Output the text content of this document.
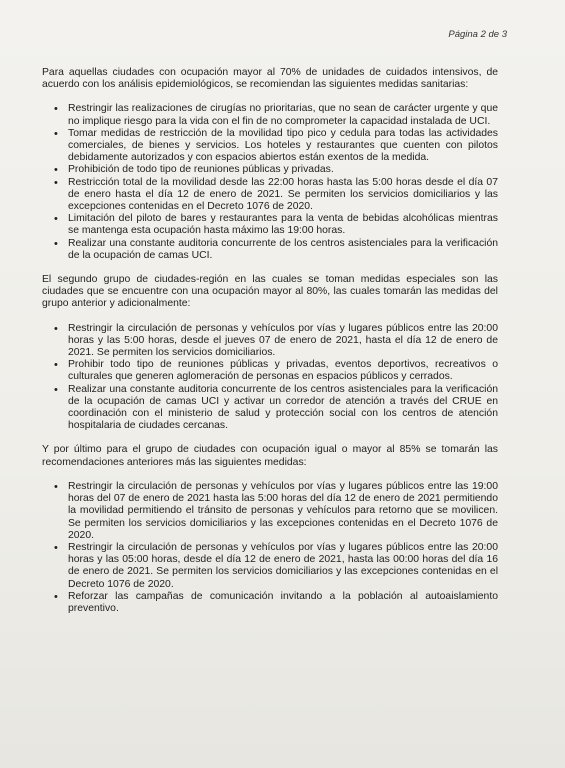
Página 2 de 3

Para aquellas ciudades con ocupación mayor al 70% de unidades de cuidados intensivos, de acuerdo con los análisis epidemiológicos, se recomiendan las siguientes medidas sanitarias:

• Restringir las realizaciones de cirugías no prioritarias, que no sean de carácter urgente y que no implique riesgo para la vida con el fin de no comprometer la capacidad instalada de UCI.
• Tomar medidas de restricción de la movilidad tipo pico y cedula para todas las actividades comerciales, de bienes y servicios. Los hoteles y restaurantes que cuenten con pilotos debidamente autorizados y con espacios abiertos están exentos de la medida.
• Prohibición de todo tipo de reuniones públicas y privadas.
• Restricción total de la movilidad desde las 22:00 horas hasta las 5:00 horas desde el día 07 de enero hasta el día 12 de enero de 2021. Se permiten los servicios domiciliarios y las excepciones contenidas en el Decreto 1076 de 2020.
• Limitación del piloto de bares y restaurantes para la venta de bebidas alcohólicas mientras se mantenga esta ocupación hasta máximo las 19:00 horas.
• Realizar una constante auditoria concurrente de los centros asistenciales para la verificación de la ocupación de camas UCI.

El segundo grupo de ciudades-región en las cuales se toman medidas especiales son las ciudades que se encuentre con una ocupación mayor al 80%, las cuales tomarán las medidas del grupo anterior y adicionalmente:

• Restringir la circulación de personas y vehículos por vías y lugares públicos entre las 20:00 horas y las 5:00 horas, desde el jueves 07 de enero de 2021, hasta el día 12 de enero de 2021. Se permiten los servicios domiciliarios.
• Prohibir todo tipo de reuniones públicas y privadas, eventos deportivos, recreativos o culturales que generen aglomeración de personas en espacios públicos y cerrados.
• Realizar una constante auditoria concurrente de los centros asistenciales para la verificación de la ocupación de camas UCI y activar un corredor de atención a través del CRUE en coordinación con el ministerio de salud y protección social con los centros de atención hospitalaria de ciudades cercanas.

Y por último para el grupo de ciudades con ocupación igual o mayor al 85% se tomarán las recomendaciones anteriores más las siguientes medidas:

• Restringir la circulación de personas y vehículos por vías y lugares públicos entre las 19:00 horas del 07 de enero de 2021 hasta las 5:00 horas del día 12 de enero de 2021 permitiendo la movilidad permitiendo el tránsito de personas y vehículos para retorno que se movilicen. Se permiten los servicios domiciliarios y las excepciones contenidas en el Decreto 1076 de 2020.
• Restringir la circulación de personas y vehículos por vías y lugares públicos entre las 20:00 horas y las 05:00 horas, desde el día 12 de enero de 2021, hasta las 00:00 horas del día 16 de enero de 2021. Se permiten los servicios domiciliarios y las excepciones contenidas en el Decreto 1076 de 2020.
• Reforzar las campañas de comunicación invitando a la población al autoaislamiento preventivo.
